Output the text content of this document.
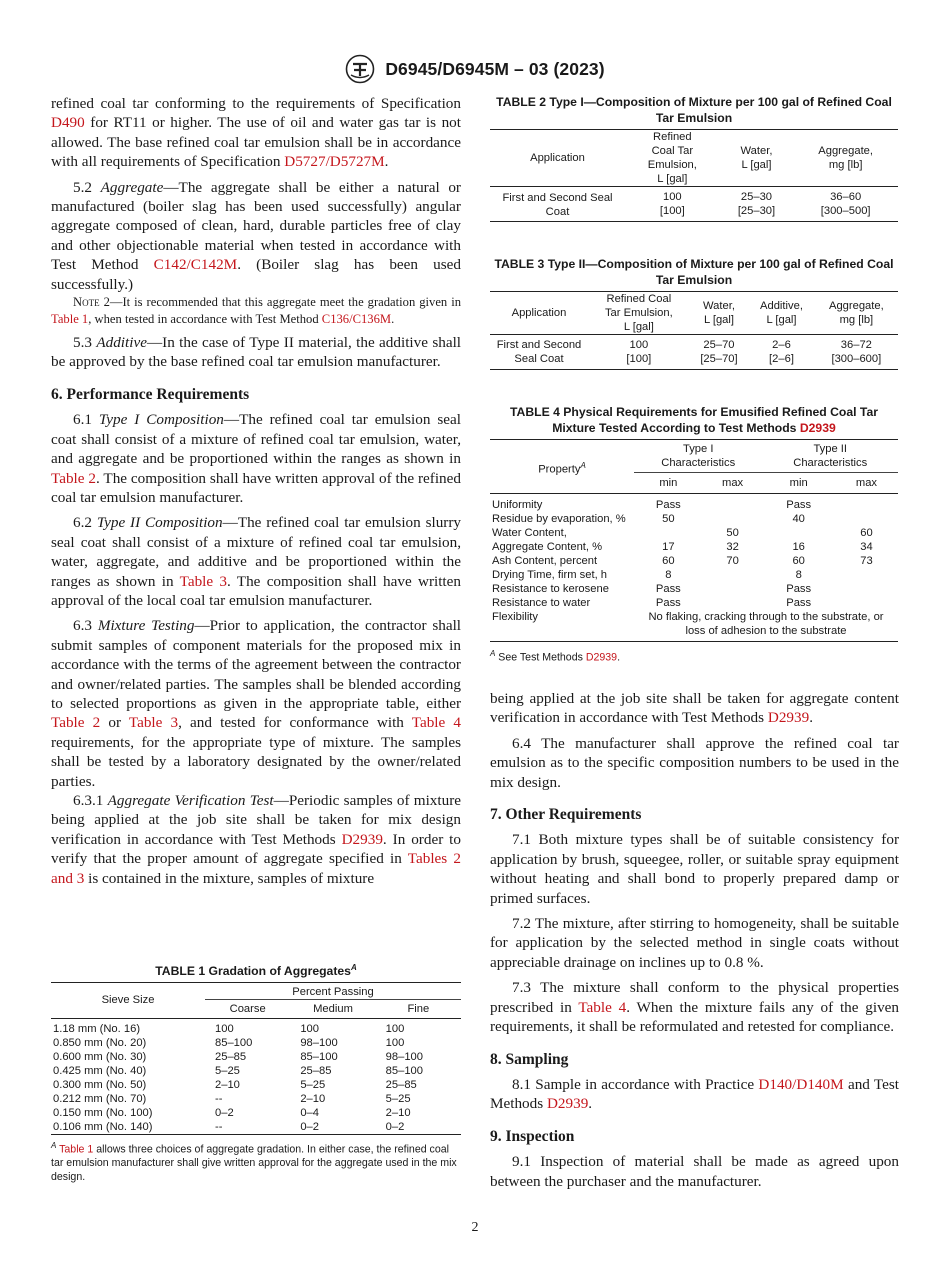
D6945/D6945M – 03 (2023)

refined coal tar conforming to the requirements of Specification D490 for RT11 or higher. The use of oil and water gas tar is not allowed. The base refined coal tar emulsion shall be in accordance with all requirements of Specification D5727/D5727M.

5.2 Aggregate—The aggregate shall be either a natural or manufactured (boiler slag has been used successfully) angular aggregate composed of clean, hard, durable particles free of clay and other objectionable material when tested in accordance with Test Method C142/C142M. (Boiler slag has been used successfully.)

Note 2—It is recommended that this aggregate meet the gradation given in Table 1, when tested in accordance with Test Method C136/C136M.

5.3 Additive—In the case of Type II material, the additive shall be approved by the base refined coal tar emulsion manufacturer.

6. Performance Requirements

6.1 Type I Composition—The refined coal tar emulsion seal coat shall consist of a mixture of refined coal tar emulsion, water, and aggregate and be proportioned within the ranges as shown in Table 2. The composition shall have written approval of the refined coal tar emulsion manufacturer.

6.2 Type II Composition—The refined coal tar emulsion slurry seal coat shall consist of a mixture of refined coal tar emulsion, water, aggregate, and additive and be proportioned within the ranges as shown in Table 3. The composition shall have written approval of the local coal tar emulsion manufacturer.

6.3 Mixture Testing—Prior to application, the contractor shall submit samples of component materials for the proposed mix in accordance with the terms of the agreement between the contractor and owner/related parties. The samples shall be blended according to selected proportions as given in the appropriate table, either Table 2 or Table 3, and tested for conformance with Table 4 requirements, for the appropriate type of mixture. The samples shall be tested by a laboratory designated by the owner/related parties.

6.3.1 Aggregate Verification Test—Periodic samples of mixture being applied at the job site shall be taken for mix design verification in accordance with Test Methods D2939. In order to verify that the proper amount of aggregate specified in Tables 2 and 3 is contained in the mixture, samples of mixture

TABLE 1 Gradation of Aggregates$^A$
Sieve Size	Percent Passing		
	Coarse	Medium	Fine

1.18 mm (No. 16)	100	100	100
0.850 mm (No. 20)	85–100	98–100	100
0.600 mm (No. 30)	25–85	85–100	98–100
0.425 mm (No. 40)	5–25	25–85	85–100
0.300 mm (No. 50)	2–10	5–25	25–85
0.212 mm (No. 70)	--	2–10	5–25
0.150 mm (No. 100)	0–2	0–4	2–10
0.106 mm (No. 140)	--	0–2	0–2
$^A$ Table 1 allows three choices of aggregate gradation. In either case, the refined coal tar emulsion manufacturer shall give written approval for the aggregate used in the mix design.
TABLE 2 Type I—Composition of Mixture per 100 gal of Refined Coal Tar Emulsion
Application	Refined
Coal Tar
Emulsion,
L [gal]	Water,
L [gal]	Aggregate,
mg [lb]
First and Second Seal
Coat	100
[100]	25–30
[25–30]	36–60
[300–500]
TABLE 3 Type II—Composition of Mixture per 100 gal of Refined Coal Tar Emulsion
Application	Refined Coal
Tar Emulsion,
L [gal]	Water,
L [gal]	Additive,
L [gal]	Aggregate,
mg [lb]
First and Second
Seal Coat	100
[100]	25–70
[25–70]	2–6
[2–6]	36–72
[300–600]
TABLE 4 Physical Requirements for Emusified Refined Coal Tar
Mixture Tested According to Test Methods D2939
Property$^A$	Type I
Characteristics		Type II
Characteristics	
	min	max	min	max

Uniformity	Pass		Pass	
Residue by evaporation, %	50		40	
Water Content,		50		60
Aggregate Content, %	17	32	16	34
Ash Content, percent	60	70	60	73
Drying Time, firm set, h	8		8	
Resistance to kerosene	Pass		Pass	
Resistance to water	Pass		Pass	
Flexibility	No flaking, cracking through to the substrate, or
loss of adhesion to the substrate			
$^A$ See Test Methods D2939.

being applied at the job site shall be taken for aggregate content verification in accordance with Test Methods D2939.

6.4 The manufacturer shall approve the refined coal tar emulsion as to the specific composition numbers to be used in the mix design.

7. Other Requirements

7.1 Both mixture types shall be of suitable consistency for application by brush, squeegee, roller, or suitable spray equipment without heating and shall bond to properly prepared damp or primed surfaces.

7.2 The mixture, after stirring to homogeneity, shall be suitable for application by the selected method in single coats without appreciable drainage on inclines up to 0.8 %.

7.3 The mixture shall conform to the physical properties prescribed in Table 4. When the mixture fails any of the given requirements, it shall be reformulated and retested for compliance.

8. Sampling

8.1 Sample in accordance with Practice D140/D140M and Test Methods D2939.

9. Inspection

9.1 Inspection of material shall be made as agreed upon between the purchaser and the manufacturer.

2
